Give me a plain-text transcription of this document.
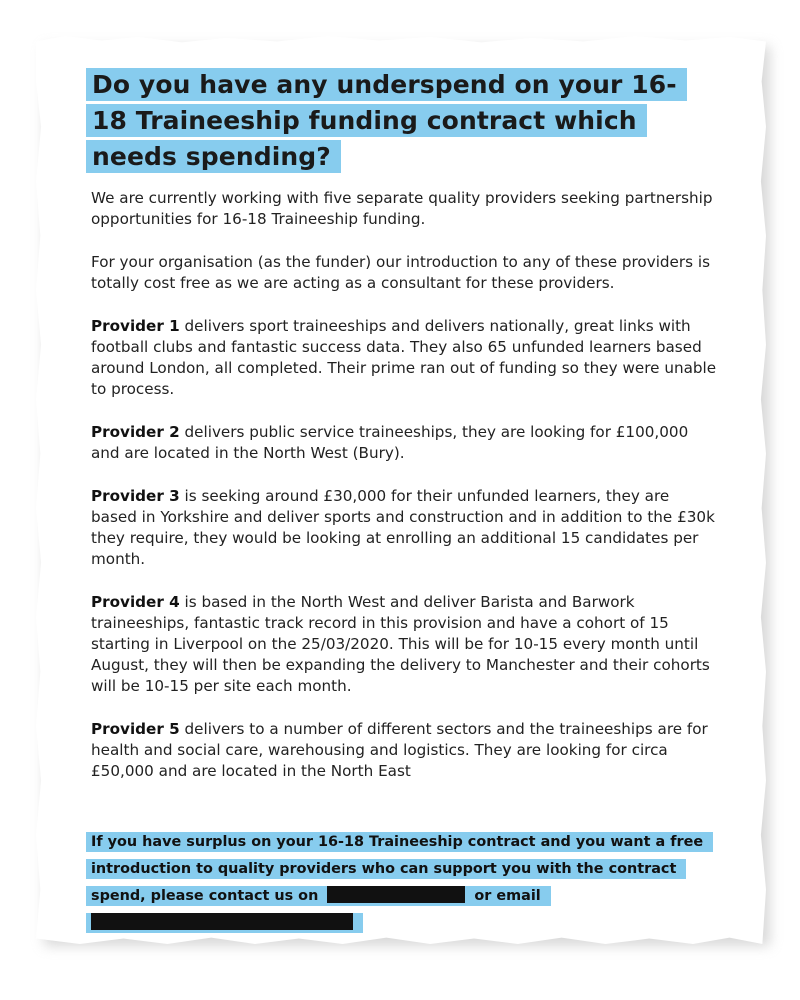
Do you have any underspend on your 16-18 Traineeship funding contract which needs spending?

We are currently working with five separate quality providers seeking partnership opportunities for 16-18 Traineeship funding.

For your organisation (as the funder) our introduction to any of these providers is totally cost free as we are acting as a consultant for these providers.

Provider 1 delivers sport traineeships and delivers nationally, great links with football clubs and fantastic success data. They also 65 unfunded learners based around London, all completed. Their prime ran out of funding so they were unable to process.

Provider 2 delivers public service traineeships, they are looking for £100,000 and are located in the North West (Bury).

Provider 3 is seeking around £30,000 for their unfunded learners, they are based in Yorkshire and deliver sports and construction and in addition to the £30k they require, they would be looking at enrolling an additional 15 candidates per month.

Provider 4 is based in the North West and deliver Barista and Barwork traineeships, fantastic track record in this provision and have a cohort of 15 starting in Liverpool on the 25/03/2020. This will be for 10-15 every month until August, they will then be expanding the delivery to Manchester and their cohorts will be 10-15 per site each month.

Provider 5 delivers to a number of different sectors and the traineeships are for health and social care, warehousing and logistics. They are looking for circa £50,000 and are located in the North East

If you have surplus on your 16-18 Traineeship contract and you want a free introduction to quality providers who can support you with the contract spend, please contact us on	or email
